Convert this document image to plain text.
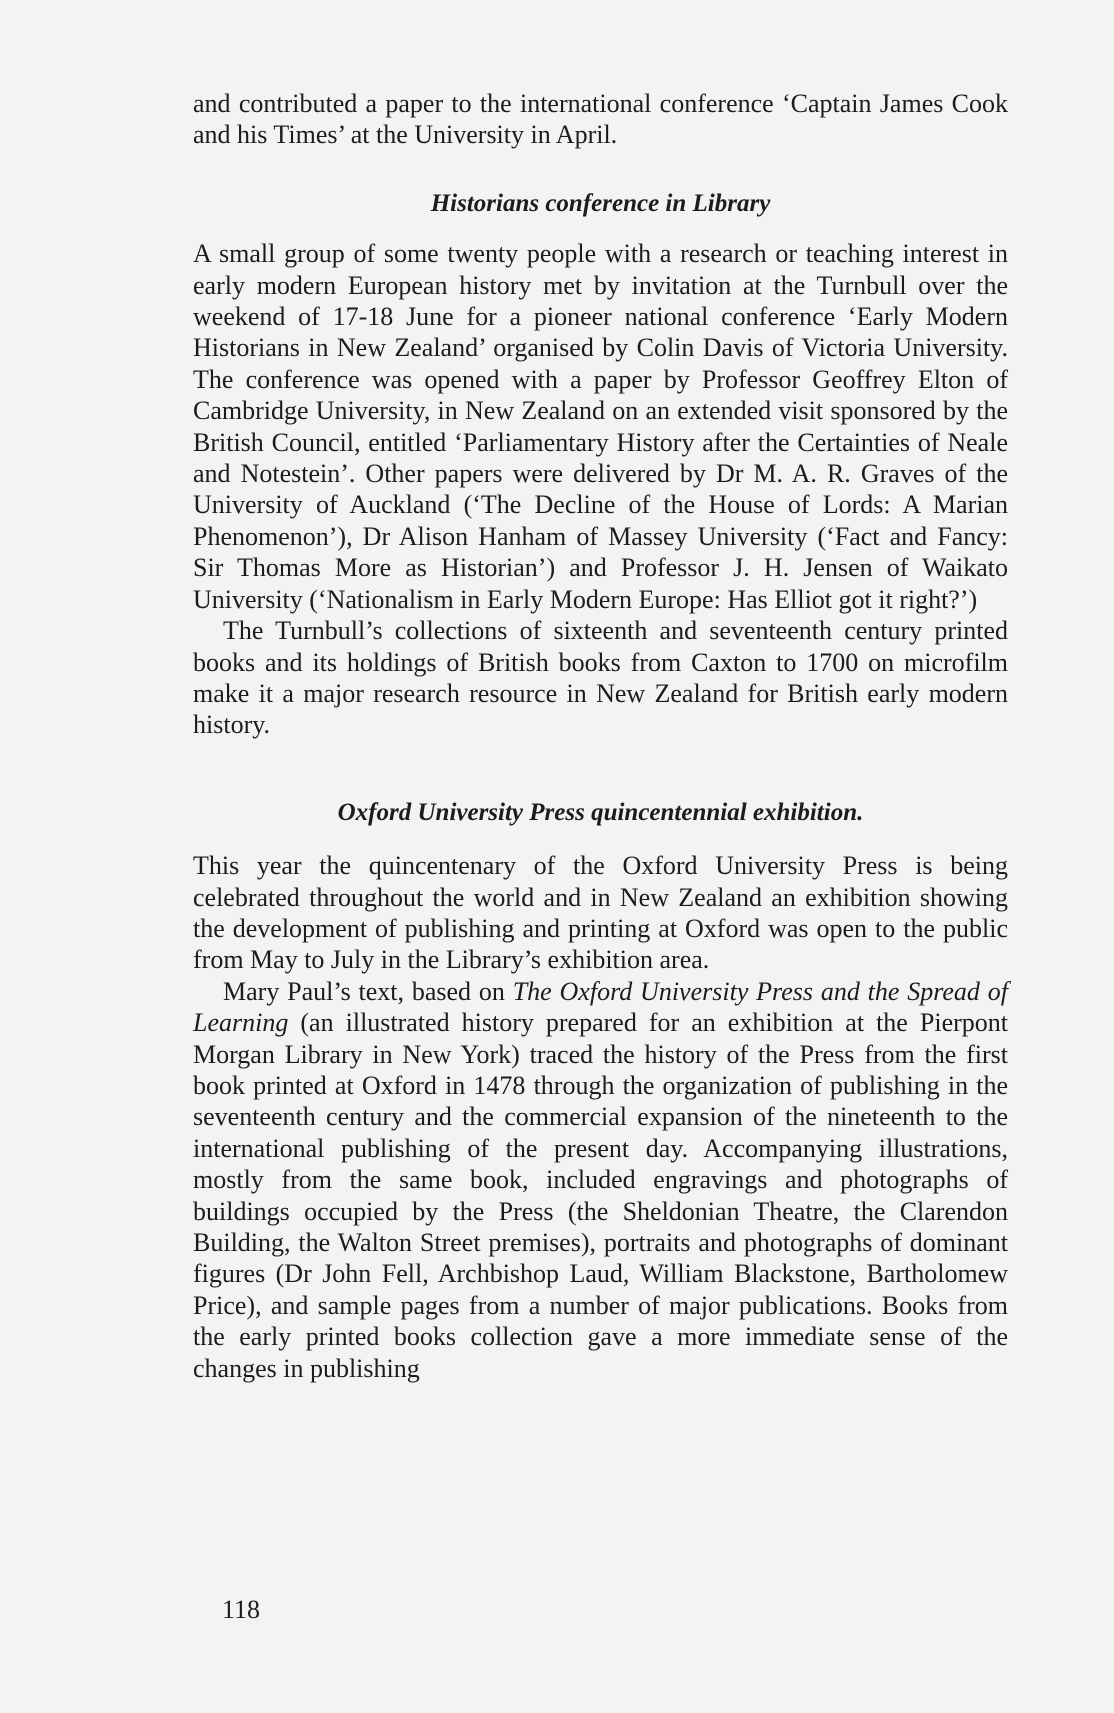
and contributed a paper to the international conference ‘Captain James Cook and his Times’ at the University in April.

Historians conference in Library

A small group of some twenty people with a research or teaching interest in early modern European history met by invitation at the Turnbull over the weekend of 17-18 June for a pioneer national conference ‘Early Modern Historians in New Zealand’ organised by Colin Davis of Victoria University. The conference was opened with a paper by Professor Geoffrey Elton of Cambridge University, in New Zealand on an extended visit sponsored by the British Council, entitled ‘Parliamentary History after the Certainties of Neale and Notestein’. Other papers were delivered by Dr M. A. R. Graves of the University of Auckland (‘The Decline of the House of Lords: A Marian Phenomenon’), Dr Alison Hanham of Massey University (‘Fact and Fancy: Sir Thomas More as Historian’) and Professor J. H. Jensen of Waikato University (‘Nationalism in Early Modern Europe: Has Elliot got it right?’)

The Turnbull’s collections of sixteenth and seventeenth century printed books and its holdings of British books from Caxton to 1700 on microfilm make it a major research resource in New Zealand for British early modern history.

Oxford University Press quincentennial exhibition.

This year the quincentenary of the Oxford University Press is being celebrated throughout the world and in New Zealand an exhibition showing the development of publishing and printing at Oxford was open to the public from May to July in the Library’s exhibition area.

Mary Paul’s text, based on The Oxford University Press and the Spread of Learning (an illustrated history prepared for an exhibition at the Pierpont Morgan Library in New York) traced the history of the Press from the first book printed at Oxford in 1478 through the organization of publishing in the seventeenth century and the commercial expansion of the nineteenth to the international publishing of the present day. Accompanying illustrations, mostly from the same book, included engravings and photographs of buildings occupied by the Press (the Sheldonian Theatre, the Clarendon Building, the Walton Street premises), portraits and photographs of dominant figures (Dr John Fell, Archbishop Laud, William Blackstone, Bartholomew Price), and sample pages from a number of major publications. Books from the early printed books collection gave a more immediate sense of the changes in publishing

118
